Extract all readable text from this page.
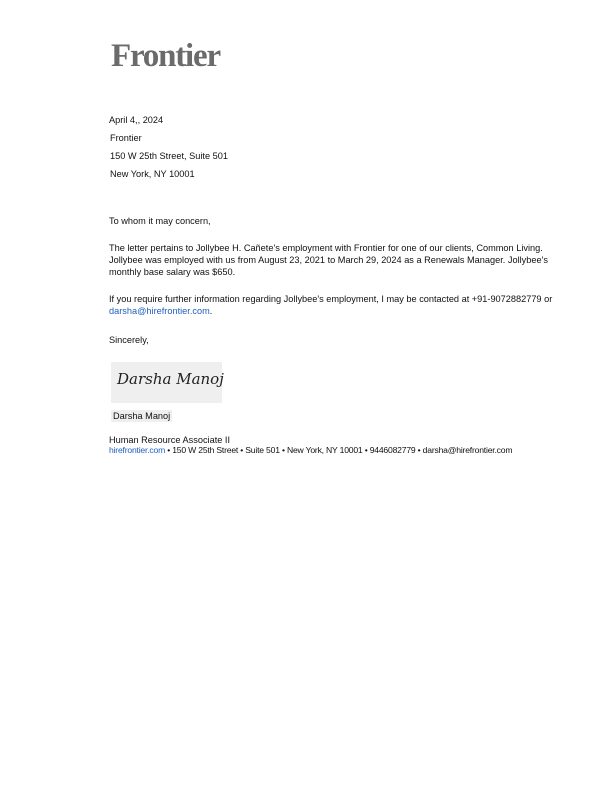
Frontier
April 4,, 2024
Frontier
150 W 25th Street, Suite 501
New York, NY 10001
To whom it may concern,
The letter pertains to Jollybee H. Cañete's employment with Frontier for one of our clients, Common Living. Jollybee was employed with us from August 23, 2021 to March 29, 2024 as a Renewals Manager. Jollybee's monthly base salary was $650.
If you require further information regarding Jollybee's employment, I may be contacted at +91-9072882779 or darsha@hirefrontier.com.
Sincerely,
Darsha Manoj
Darsha Manoj
Human Resource Associate II
hirefrontier.com • 150 W 25th Street • Suite 501 • New York, NY 10001 • 9446082779 • darsha@hirefrontier.com
